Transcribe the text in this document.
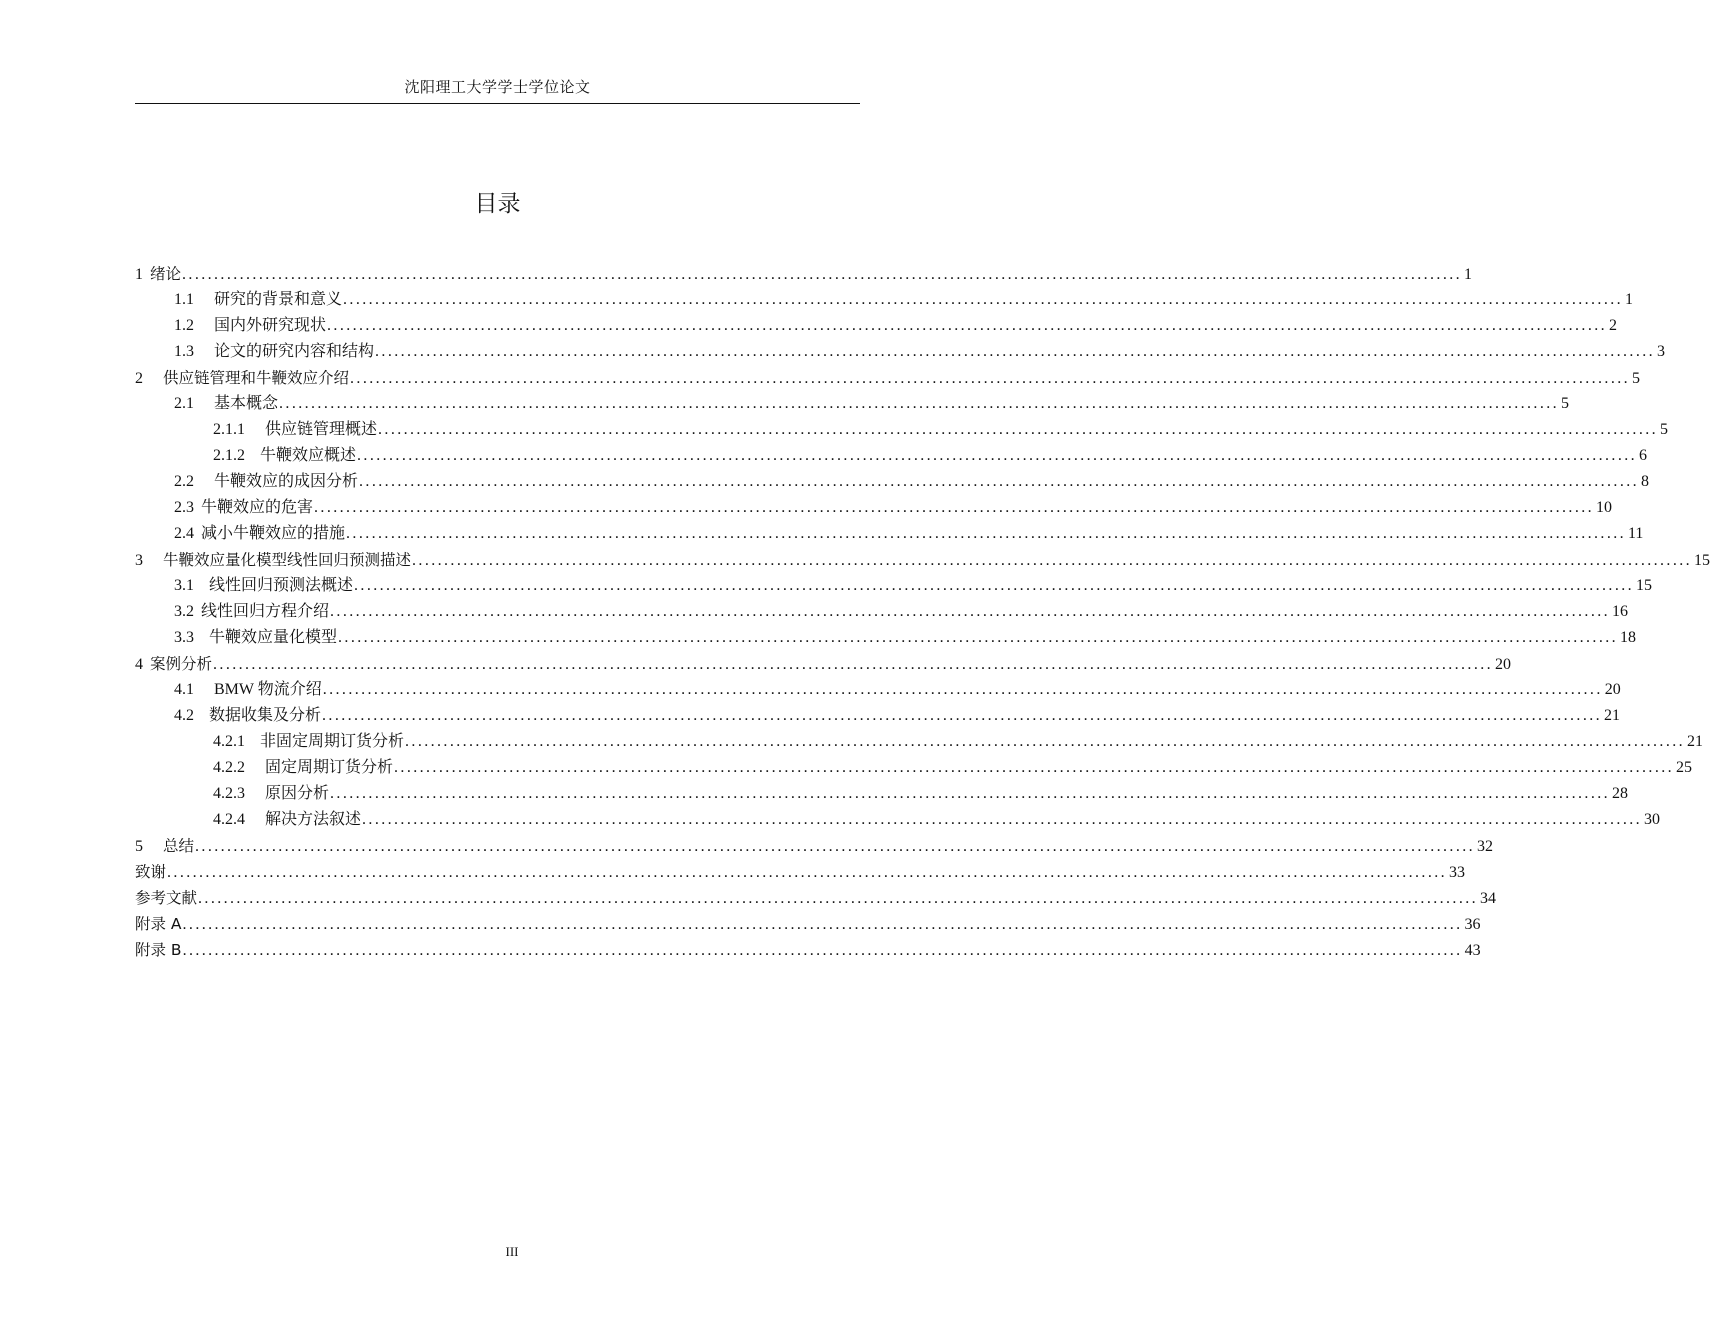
沈阳理工大学学士学位论文
目录
1 绪论 ........................................................................................................................................................................................................ 1
1.1 研究的背景和意义 ........................................................................................................................................................................................................ 1
1.2 国内外研究现状 ........................................................................................................................................................................................................ 2
1.3 论文的研究内容和结构 ........................................................................................................................................................................................................ 3
2 供应链管理和牛鞭效应介绍 ........................................................................................................................................................................................................ 5
2.1 基本概念 ........................................................................................................................................................................................................ 5
2.1.1 供应链管理概述 ........................................................................................................................................................................................................ 5
2.1.2 牛鞭效应概述 ........................................................................................................................................................................................................ 6
2.2 牛鞭效应的成因分析 ........................................................................................................................................................................................................ 8
2.3 牛鞭效应的危害 ........................................................................................................................................................................................................ 10
2.4 减小牛鞭效应的措施 ........................................................................................................................................................................................................ 11
3 牛鞭效应量化模型线性回归预测描述 ........................................................................................................................................................................................................ 15
3.1 线性回归预测法概述 ........................................................................................................................................................................................................ 15
3.2 线性回归方程介绍 ........................................................................................................................................................................................................ 16
3.3 牛鞭效应量化模型 ........................................................................................................................................................................................................ 18
4 案例分析 ........................................................................................................................................................................................................ 20
4.1 BMW 物流介绍 ........................................................................................................................................................................................................ 20
4.2 数据收集及分析 ........................................................................................................................................................................................................ 21
4.2.1 非固定周期订货分析 ........................................................................................................................................................................................................ 21
4.2.2 固定周期订货分析 ........................................................................................................................................................................................................ 25
4.2.3 原因分析 ........................................................................................................................................................................................................ 28
4.2.4 解决方法叙述 ........................................................................................................................................................................................................ 30
5 总结 ........................................................................................................................................................................................................ 32
致谢 ........................................................................................................................................................................................................ 33
参考文献 ........................................................................................................................................................................................................ 34
附录 A ........................................................................................................................................................................................................ 36
附录 B ........................................................................................................................................................................................................ 43
III
